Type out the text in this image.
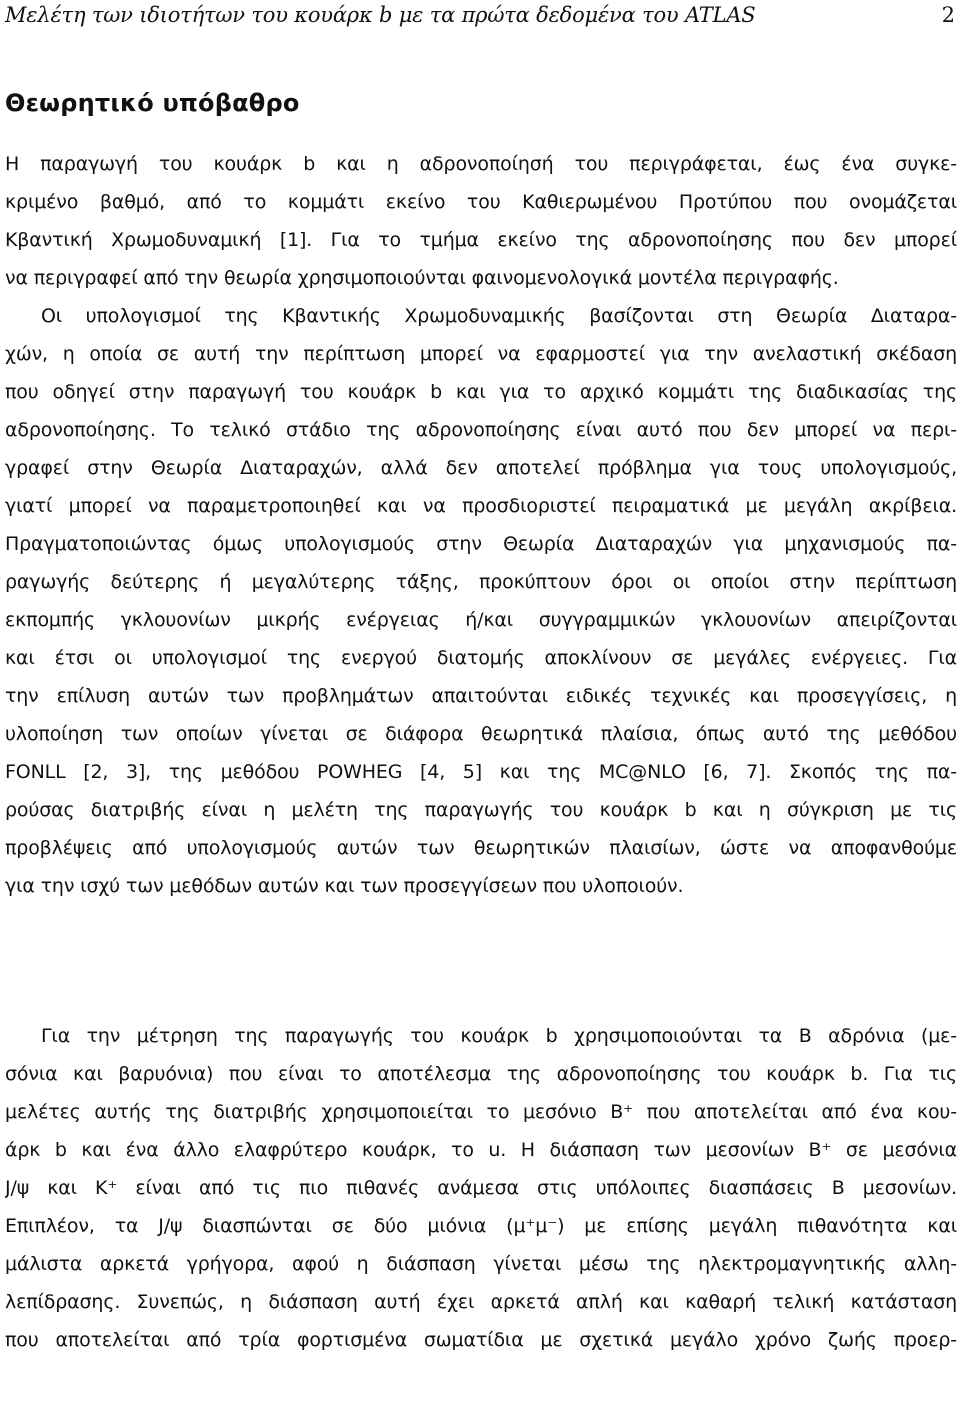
Μελέτη των ιδιοτήτων του κουάρκ b με τα πρώτα δεδομένα του ATLAS	2
Θεωρητικό υπόβαθρο
Η παραγωγή του κουάρκ b και η αδρονοποίησή του περιγράφεται, έως ένα συγκε-
κριμένο βαθμό, από το κομμάτι εκείνο του Καθιερωμένου Προτύπου που ονομάζεται
Κβαντική Χρωμοδυναμική [1]. Για το τμήμα εκείνο της αδρονοποίησης που δεν μπορεί
να περιγραφεί από την θεωρία χρησιμοποιούνται φαινομενολογικά μοντέλα περιγραφής.
Οι υπολογισμοί της Κβαντικής Χρωμοδυναμικής βασίζονται στη Θεωρία Διαταρα-
χών, η οποία σε αυτή την περίπτωση μπορεί να εφαρμοστεί για την ανελαστική σκέδαση
που οδηγεί στην παραγωγή του κουάρκ b και για το αρχικό κομμάτι της διαδικασίας της
αδρονοποίησης. Το τελικό στάδιο της αδρονοποίησης είναι αυτό που δεν μπορεί να περι-
γραφεί στην Θεωρία Διαταραχών, αλλά δεν αποτελεί πρόβλημα για τους υπολογισμούς,
γιατί μπορεί να παραμετροποιηθεί και να προσδιοριστεί πειραματικά με μεγάλη ακρίβεια.
Πραγματοποιώντας όμως υπολογισμούς στην Θεωρία Διαταραχών για μηχανισμούς πα-
ραγωγής δεύτερης ή μεγαλύτερης τάξης, προκύπτουν όροι οι οποίοι στην περίπτωση
εκπομπής γκλουονίων μικρής ενέργειας ή/και συγγραμμικών γκλουονίων απειρίζονται
και έτσι οι υπολογισμοί της ενεργού διατομής αποκλίνουν σε μεγάλες ενέργειες. Για
την επίλυση αυτών των προβλημάτων απαιτούνται ειδικές τεχνικές και προσεγγίσεις, η
υλοποίηση των οποίων γίνεται σε διάφορα θεωρητικά πλαίσια, όπως αυτό της μεθόδου
FONLL [2, 3], της μεθόδου POWHEG [4, 5] και της MC@NLO [6, 7]. Σκοπός της πα-
ρούσας διατριβής είναι η μελέτη της παραγωγής του κουάρκ b και η σύγκριση με τις
προβλέψεις από υπολογισμούς αυτών των θεωρητικών πλαισίων, ώστε να αποφανθούμε
για την ισχύ των μεθόδων αυτών και των προσεγγίσεων που υλοποιούν.
Για την μέτρηση της παραγωγής του κουάρκ b χρησιμοποιούνται τα B αδρόνια (με-
σόνια και βαρυόνια) που είναι το αποτέλεσμα της αδρονοποίησης του κουάρκ b. Για τις
μελέτες αυτής της διατριβής χρησιμοποιείται το μεσόνιο B⁺ που αποτελείται από ένα κου-
άρκ b και ένα άλλο ελαφρύτερο κουάρκ, το u. Η διάσπαση των μεσονίων B⁺ σε μεσόνια
J/ψ και K⁺ είναι από τις πιο πιθανές ανάμεσα στις υπόλοιπες διασπάσεις B μεσονίων.
Επιπλέον, τα J/ψ διασπώνται σε δύο μιόνια (μ⁺μ⁻) με επίσης μεγάλη πιθανότητα και
μάλιστα αρκετά γρήγορα, αφού η διάσπαση γίνεται μέσω της ηλεκτρομαγνητικής αλλη-
λεπίδρασης. Συνεπώς, η διάσπαση αυτή έχει αρκετά απλή και καθαρή τελική κατάσταση
που αποτελείται από τρία φορτισμένα σωματίδια με σχετικά μεγάλο χρόνο ζωής προερ-
